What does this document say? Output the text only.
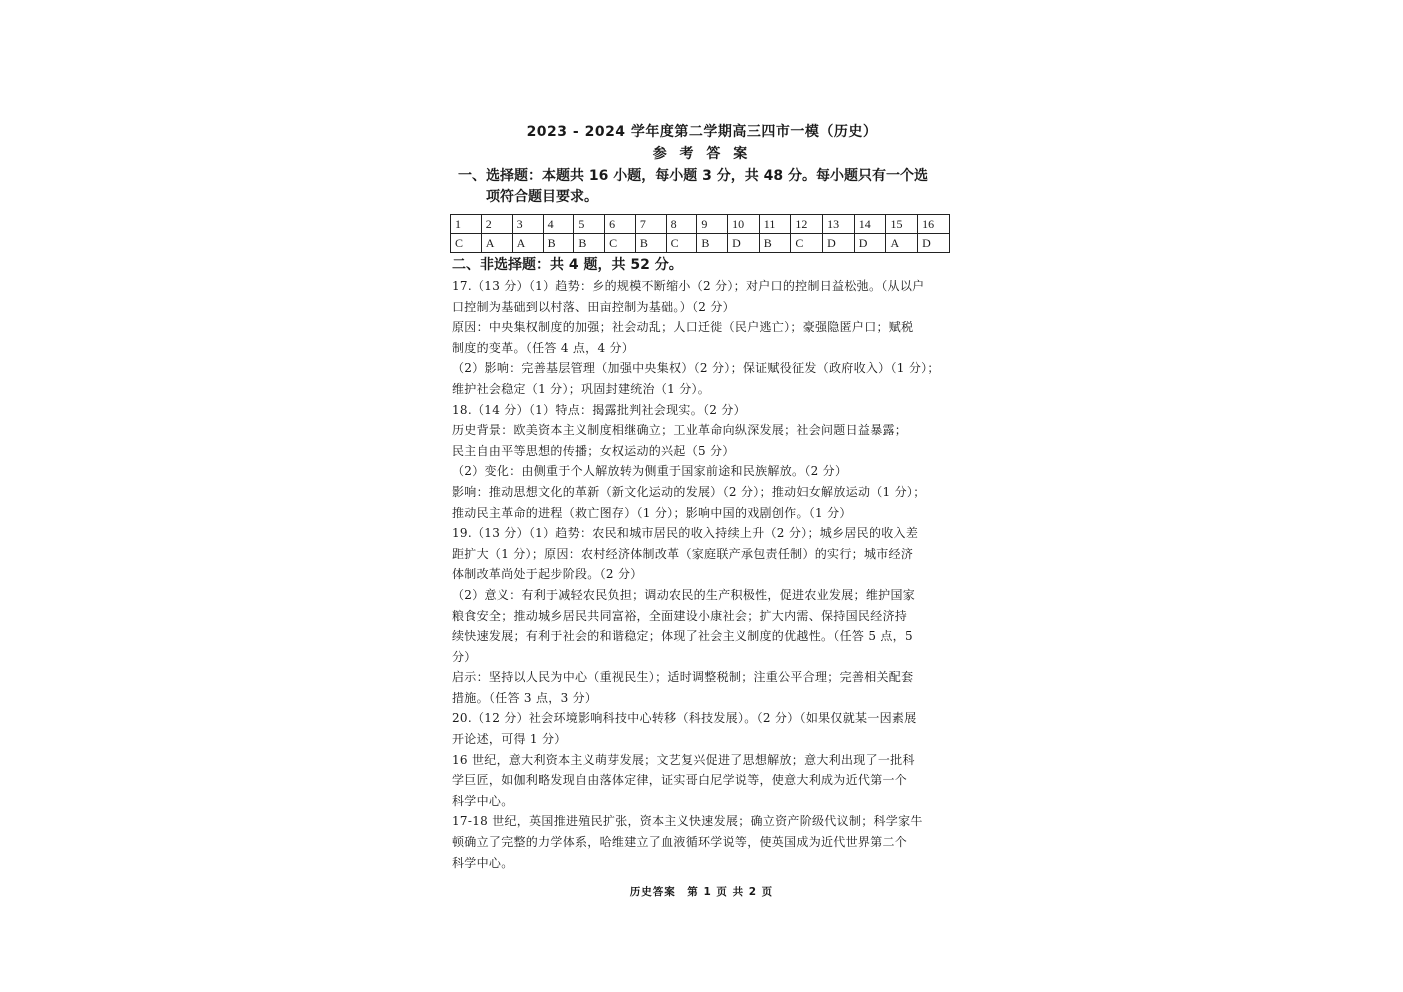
2023 - 2024 学年度第二学期高三四市一模（历史）
参 考 答 案
一、选择题：本题共 16 小题，每小题 3 分，共 48 分。每小题只有一个选
项符合题目要求。
1	2	3	4	5	6	7	8	9	10	11	12	13	14	15	16
C	A	A	B	B	C	B	C	B	D	B	C	D	D	A	D
二、非选择题：共 4 题，共 52 分。
17.（13 分）（1）趋势：乡的规模不断缩小（2 分）；对户口的控制日益松弛。（从以户
口控制为基础到以村落、田亩控制为基础。）（2 分）
原因：中央集权制度的加强；社会动乱；人口迁徙（民户逃亡）；豪强隐匿户口；赋税
制度的变革。（任答 4 点，4 分）
（2）影响：完善基层管理（加强中央集权）（2 分）；保证赋役征发（政府收入）（1 分）；
维护社会稳定（1 分）；巩固封建统治（1 分）。
18.（14 分）（1）特点：揭露批判社会现实。（2 分）
历史背景：欧美资本主义制度相继确立；工业革命向纵深发展；社会问题日益暴露；
民主自由平等思想的传播；女权运动的兴起（5 分）
（2）变化：由侧重于个人解放转为侧重于国家前途和民族解放。（2 分）
影响：推动思想文化的革新（新文化运动的发展）（2 分）；推动妇女解放运动（1 分）；
推动民主革命的进程（救亡图存）（1 分）；影响中国的戏剧创作。（1 分）
19.（13 分）（1）趋势：农民和城市居民的收入持续上升（2 分）；城乡居民的收入差
距扩大（1 分）；原因：农村经济体制改革（家庭联产承包责任制）的实行；城市经济
体制改革尚处于起步阶段。（2 分）
（2）意义：有利于减轻农民负担；调动农民的生产积极性，促进农业发展；维护国家
粮食安全；推动城乡居民共同富裕，全面建设小康社会；扩大内需、保持国民经济持
续快速发展；有利于社会的和谐稳定；体现了社会主义制度的优越性。（任答 5 点，5
分）
启示：坚持以人民为中心（重视民生）；适时调整税制；注重公平合理；完善相关配套
措施。（任答 3 点，3 分）
20.（12 分）社会环境影响科技中心转移（科技发展）。（2 分）（如果仅就某一因素展
开论述，可得 1 分）
16 世纪，意大利资本主义萌芽发展；文艺复兴促进了思想解放；意大利出现了一批科
学巨匠，如伽利略发现自由落体定律，证实哥白尼学说等，使意大利成为近代第一个
科学中心。
17-18 世纪，英国推进殖民扩张，资本主义快速发展；确立资产阶级代议制；科学家牛
顿确立了完整的力学体系，哈维建立了血液循环学说等，使英国成为近代世界第二个
科学中心。
历史答案　第 1 页 共 2 页
